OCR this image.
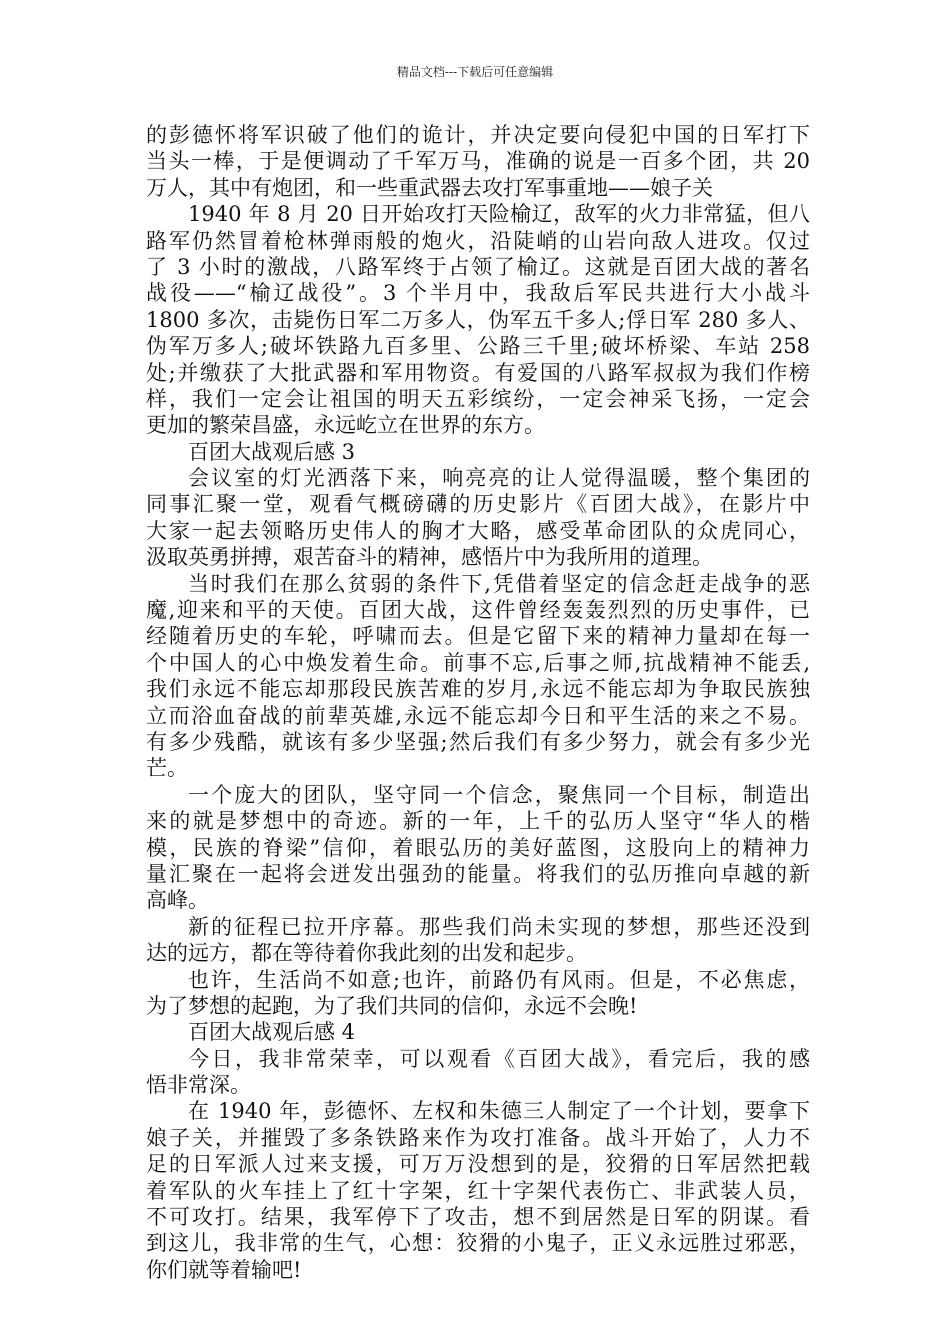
精品文档---下载后可任意编辑
的彭德怀将军识破了他们的诡计，并决定要向侵犯中国的日军打下
当头一棒，于是便调动了千军万马，准确的说是一百多个团，共 20
万人，其中有炮团，和一些重武器去攻打军事重地——娘子关
1940 年 8 月 20 日开始攻打天险榆辽，敌军的火力非常猛，但八
路军仍然冒着枪林弹雨般的炮火，沿陡峭的山岩向敌人进攻。仅过
了 3 小时的激战，八路军终于占领了榆辽。这就是百团大战的著名
战役——“榆辽战役”。3 个半月中，我敌后军民共进行大小战斗
1800 多次，击毙伤日军二万多人，伪军五千多人;俘日军 280 多人、
伪军万多人;破坏铁路九百多里、公路三千里;破坏桥梁、车站 258
处;并缴获了大批武器和军用物资。有爱国的八路军叔叔为我们作榜
样，我们一定会让祖国的明天五彩缤纷，一定会神采飞扬，一定会
更加的繁荣昌盛，永远屹立在世界的东方。
百团大战观后感 3
会议室的灯光洒落下来，响亮亮的让人觉得温暖，整个集团的
同事汇聚一堂，观看气概磅礴的历史影片《百团大战》，在影片中
大家一起去领略历史伟人的胸才大略，感受革命团队的众虎同心，
汲取英勇拼搏，艰苦奋斗的精神，感悟片中为我所用的道理。
当时我们在那么贫弱的条件下,凭借着坚定的信念赶走战争的恶
魔,迎来和平的天使。百团大战，这件曾经轰轰烈烈的历史事件，已
经随着历史的车轮，呼啸而去。但是它留下来的精神力量却在每一
个中国人的心中焕发着生命。前事不忘,后事之师,抗战精神不能丢,
我们永远不能忘却那段民族苦难的岁月,永远不能忘却为争取民族独
立而浴血奋战的前辈英雄,永远不能忘却今日和平生活的来之不易。
有多少残酷，就该有多少坚强;然后我们有多少努力，就会有多少光
芒。
一个庞大的团队，坚守同一个信念，聚焦同一个目标，制造出
来的就是梦想中的奇迹。新的一年，上千的弘历人坚守“华人的楷
模，民族的脊梁”信仰，着眼弘历的美好蓝图，这股向上的精神力
量汇聚在一起将会迸发出强劲的能量。将我们的弘历推向卓越的新
高峰。
新的征程已拉开序幕。那些我们尚未实现的梦想，那些还没到
达的远方，都在等待着你我此刻的出发和起步。
也许，生活尚不如意;也许，前路仍有风雨。但是，不必焦虑，
为了梦想的起跑，为了我们共同的信仰，永远不会晚!
百团大战观后感 4
今日，我非常荣幸，可以观看《百团大战》，看完后，我的感
悟非常深。
在 1940 年，彭德怀、左权和朱德三人制定了一个计划，要拿下
娘子关，并摧毁了多条铁路来作为攻打准备。战斗开始了，人力不
足的日军派人过来支援，可万万没想到的是，狡猾的日军居然把载
着军队的火车挂上了红十字架，红十字架代表伤亡、非武装人员，
不可攻打。结果，我军停下了攻击，想不到居然是日军的阴谋。看
到这儿，我非常的生气，心想：狡猾的小鬼子，正义永远胜过邪恶，
你们就等着输吧!
